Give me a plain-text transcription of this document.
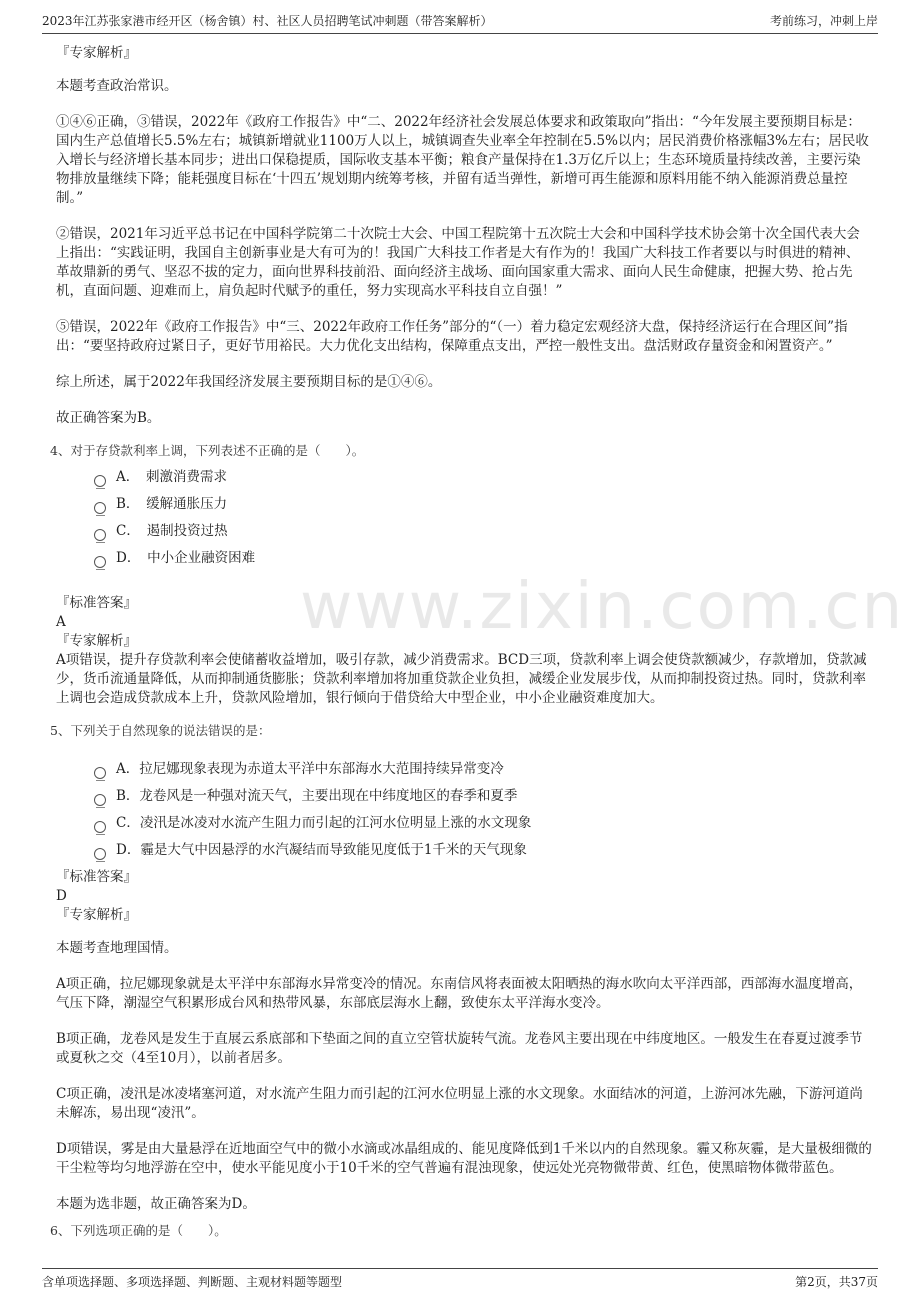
2023年江苏张家港市经开区（杨舍镇）村、社区人员招聘笔试冲刺题（带答案解析）	考前练习，冲刺上岸
www.zixin.com.cn
『专家解析』
本题考查政治常识。
①④⑥正确，③错误，2022年《政府工作报告》中“二、2022年经济社会发展总体要求和政策取向”指出：“今年发展主要预期目标是：国内生产总值增长5.5%左右；城镇新增就业1100万人以上，城镇调查失业率全年控制在5.5%以内；居民消费价格涨幅3%左右；居民收入增长与经济增长基本同步；进出口保稳提质，国际收支基本平衡；粮食产量保持在1.3万亿斤以上；生态环境质量持续改善，主要污染物排放量继续下降；能耗强度目标在‘十四五’规划期内统筹考核，并留有适当弹性，新增可再生能源和原料用能不纳入能源消费总量控制。”
②错误，2021年习近平总书记在中国科学院第二十次院士大会、中国工程院第十五次院士大会和中国科学技术协会第十次全国代表大会上指出：“实践证明，我国自主创新事业是大有可为的！我国广大科技工作者是大有作为的！我国广大科技工作者要以与时俱进的精神、革故鼎新的勇气、坚忍不拔的定力，面向世界科技前沿、面向经济主战场、面向国家重大需求、面向人民生命健康，把握大势、抢占先机，直面问题、迎难而上，肩负起时代赋予的重任，努力实现高水平科技自立自强！”
⑤错误，2022年《政府工作报告》中“三、2022年政府工作任务”部分的“（一）着力稳定宏观经济大盘，保持经济运行在合理区间”指出：“要坚持政府过紧日子，更好节用裕民。大力优化支出结构，保障重点支出，严控一般性支出。盘活财政存量资金和闲置资产。”
综上所述，属于2022年我国经济发展主要预期目标的是①④⑥。
故正确答案为B。
4、对于存贷款利率上调，下列表述不正确的是（　　）。
A．　刺激消费需求
B．　缓解通胀压力
C．　遏制投资过热
D．　中小企业融资困难
『标准答案』
A
『专家解析』
A项错误，提升存贷款利率会使储蓄收益增加，吸引存款，减少消费需求。BCD三项，贷款利率上调会使贷款额减少，存款增加，贷款减少，货币流通量降低，从而抑制通货膨胀；贷款利率增加将加重贷款企业负担，减缓企业发展步伐，从而抑制投资过热。同时，贷款利率上调也会造成贷款成本上升，贷款风险增加，银行倾向于借贷给大中型企业，中小企业融资难度加大。
5、下列关于自然现象的说法错误的是：
A．拉尼娜现象表现为赤道太平洋中东部海水大范围持续异常变冷
B．龙卷风是一种强对流天气，主要出现在中纬度地区的春季和夏季
C．凌汛是冰凌对水流产生阻力而引起的江河水位明显上涨的水文现象
D．霾是大气中因悬浮的水汽凝结而导致能见度低于1千米的天气现象
『标准答案』
D
『专家解析』
本题考查地理国情。
A项正确，拉尼娜现象就是太平洋中东部海水异常变冷的情况。东南信风将表面被太阳晒热的海水吹向太平洋西部，西部海水温度增高，气压下降，潮湿空气积累形成台风和热带风暴，东部底层海水上翻，致使东太平洋海水变冷。
B项正确，龙卷风是发生于直展云系底部和下垫面之间的直立空管状旋转气流。龙卷风主要出现在中纬度地区。一般发生在春夏过渡季节或夏秋之交（4至10月），以前者居多。
C项正确，凌汛是冰凌堵塞河道，对水流产生阻力而引起的江河水位明显上涨的水文现象。水面结冰的河道，上游河冰先融，下游河道尚未解冻，易出现“凌汛”。
D项错误，雾是由大量悬浮在近地面空气中的微小水滴或冰晶组成的、能见度降低到1千米以内的自然现象。霾又称灰霾，是大量极细微的干尘粒等均匀地浮游在空中，使水平能见度小于10千米的空气普遍有混浊现象，使远处光亮物微带黄、红色，使黑暗物体微带蓝色。
本题为选非题，故正确答案为D。
6、下列选项正确的是（　　）。
含单项选择题、多项选择题、判断题、主观材料题等题型	第2页，共37页
